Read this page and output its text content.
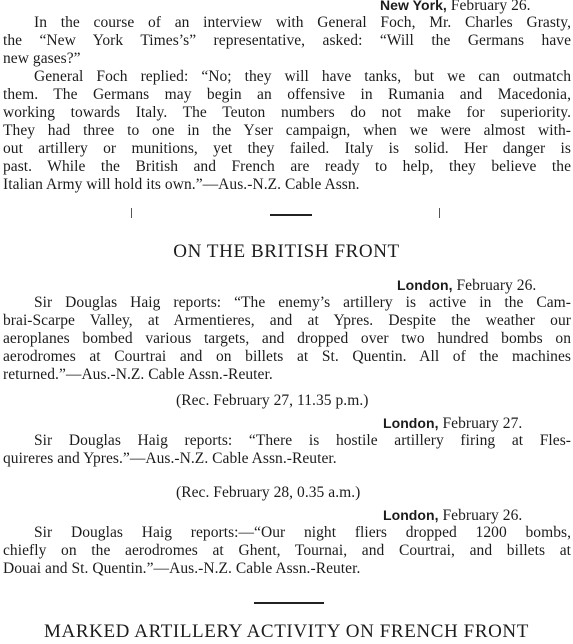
New York, February 26.
In the course of an interview with General Foch, Mr. Charles Grasty,
the “New York Times’s” representative, asked: “Will the Germans have
new gases?”
General Foch replied: “No; they will have tanks, but we can outmatch
them. The Germans may begin an offensive in Rumania and Macedonia,
working towards Italy. The Teuton numbers do not make for superiority.
They had three to one in the Yser campaign, when we were almost with-
out artillery or munitions, yet they failed. Italy is solid. Her danger is
past. While the British and French are ready to help, they believe the
Italian Army will hold its own.”—Aus.-N.Z. Cable Assn.
ON THE BRITISH FRONT
London, February 26.
Sir Douglas Haig reports: “The enemy’s artillery is active in the Cam-
brai-Scarpe Valley, at Armentieres, and at Ypres. Despite the weather our
aeroplanes bombed various targets, and dropped over two hundred bombs on
aerodromes at Courtrai and on billets at St. Quentin. All of the machines
returned.”—Aus.-N.Z. Cable Assn.-Reuter.
(Rec. February 27, 11.35 p.m.)
London, February 27.
Sir Douglas Haig reports: “There is hostile artillery firing at Fles-
quireres and Ypres.”—Aus.-N.Z. Cable Assn.-Reuter.
(Rec. February 28, 0.35 a.m.)
London, February 26.
Sir Douglas Haig reports:—“Our night fliers dropped 1200 bombs,
chiefly on the aerodromes at Ghent, Tournai, and Courtrai, and billets at
Douai and St. Quentin.”—Aus.-N.Z. Cable Assn.-Reuter.
MARKED ARTILLERY ACTIVITY ON FRENCH FRONT
